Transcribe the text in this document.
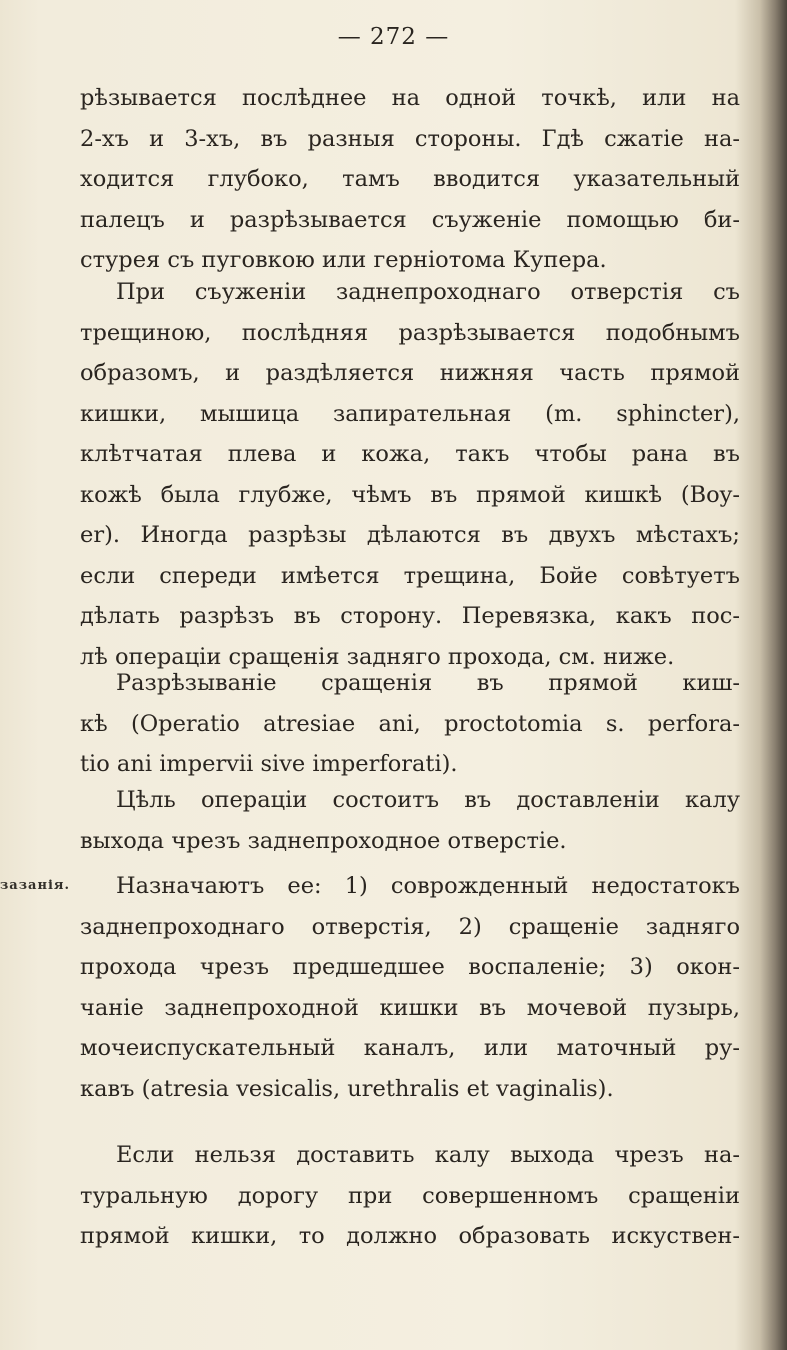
— 272 —
зазанія.
рѣзывается послѣднее на одной точкѣ, или на
2-хъ и 3-хъ, въ разныя стороны. Гдѣ сжатіе на-
ходится глубоко, тамъ вводится указательный
палецъ и разрѣзывается съуженіе помощью би-
стурея съ пуговкою или герніотома Купера.
При съуженіи заднепроходнаго отверстія съ
трещиною, послѣдняя разрѣзывается подобнымъ
образомъ, и раздѣляется нижняя часть прямой
кишки, мышица запирательная (m. sphincter),
клѣтчатая плева и кожа, такъ чтобы рана въ
кожѣ была глубже, чѣмъ въ прямой кишкѣ (Boy-
er). Иногда разрѣзы дѣлаются въ двухъ мѣстахъ;
если спереди имѣется трещина, Бойе совѣтуетъ
дѣлать разрѣзъ въ сторону. Перевязка, какъ пос-
лѣ операціи сращенія задняго прохода, см. ниже.
Разрѣзываніе сращенія въ прямой киш-
кѣ (Operatio atresiae ani, proctotomia s. perfora-
tio ani impervii sive imperforati).
Цѣль операціи состоитъ въ доставленіи калу
выхода чрезъ заднепроходное отверстіе.
Назначаютъ ее: 1) соврожденный недостатокъ
заднепроходнаго отверстія, 2) сращеніе задняго
прохода чрезъ предшедшее воспаленіе; 3) окон-
чаніе заднепроходной кишки въ мочевой пузырь,
мочеиспускательный каналъ, или маточный ру-
кавъ (atresia vesicalis, urethralis et vaginalis).
Если нельзя доставить калу выхода чрезъ на-
туральную дорогу при совершенномъ сращеніи
прямой кишки, то должно образовать искуствен-
